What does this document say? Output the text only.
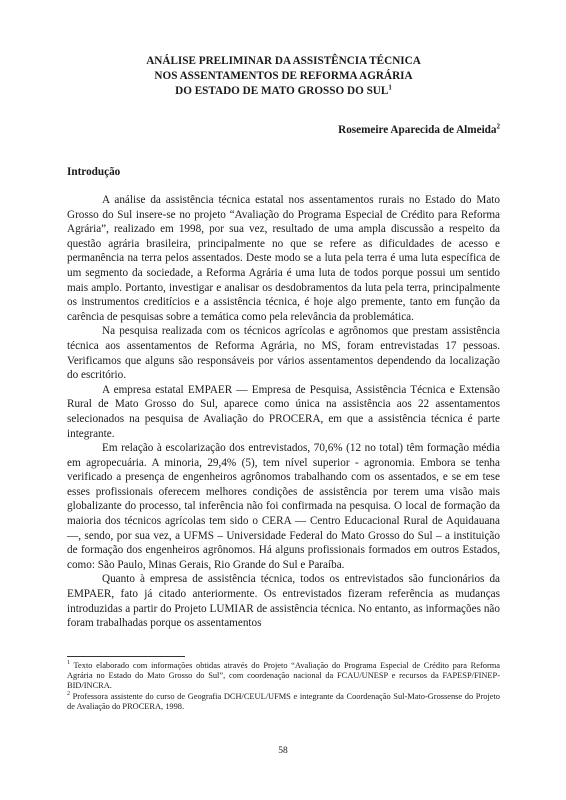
ANÁLISE PRELIMINAR DA ASSISTÊNCIA TÉCNICA
NOS ASSENTAMENTOS DE REFORMA AGRÁRIA
DO ESTADO DE MATO GROSSO DO SUL$^1$
Rosemeire Aparecida de Almeida$^2$
Introdução

A análise da assistência técnica estatal nos assentamentos rurais no Estado do Mato Grosso do Sul insere-se no projeto “Avaliação do Programa Especial de Crédito para Reforma Agrária”, realizado em 1998, por sua vez, resultado de uma ampla discussão a respeito da questão agrária brasileira, principalmente no que se refere as dificuldades de acesso e permanência na terra pelos assentados. Deste modo se a luta pela terra é uma luta específica de um segmento da sociedade, a Reforma Agrária é uma luta de todos porque possui um sentido mais amplo. Portanto, investigar e analisar os desdobramentos da luta pela terra, principalmente os instrumentos creditícios e a assistência técnica, é hoje algo premente, tanto em função da carência de pesquisas sobre a temática como pela relevância da problemática.

Na pesquisa realizada com os técnicos agrícolas e agrônomos que prestam assistência técnica aos assentamentos de Reforma Agrária, no MS, foram entrevistadas 17 pessoas. Verificamos que alguns são responsáveis por vários assentamentos dependendo da localização do escritório.

A empresa estatal EMPAER — Empresa de Pesquisa, Assistência Técnica e Extensão Rural de Mato Grosso do Sul, aparece como única na assistência aos 22 assentamentos selecionados na pesquisa de Avaliação do PROCERA, em que a assistência técnica é parte integrante.

Em relação à escolarização dos entrevistados, 70,6% (12 no total) têm formação média em agropecuária. A minoria, 29,4% (5), tem nível superior - agronomia. Embora se tenha verificado a presença de engenheiros agrônomos trabalhando com os assentados, e se em tese esses profissionais oferecem melhores condições de assistência por terem uma visão mais globalizante do processo, tal inferência não foi confirmada na pesquisa. O local de formação da maioria dos técnicos agrícolas tem sido o CERA — Centro Educacional Rural de Aquidauana —, sendo, por sua vez, a UFMS – Universidade Federal do Mato Grosso do Sul – a instituição de formação dos engenheiros agrônomos. Há alguns profissionais formados em outros Estados, como: São Paulo, Minas Gerais, Rio Grande do Sul e Paraíba.

Quanto à empresa de assistência técnica, todos os entrevistados são funcionários da EMPAER, fato já citado anteriormente. Os entrevistados fizeram referência as mudanças introduzidas a partir do Projeto LUMIAR de assistência técnica. No entanto, as informações não foram trabalhadas porque os assentamentos

$^1$ Texto elaborado com informações obtidas através do Projeto “Avaliação do Programa Especial de Crédito para Reforma Agrária no Estado do Mato Grosso do Sul”, com coordenação nacional da FCAU/UNESP e recursos da FAPESP/FINEP-BID/INCRA.

$^2$ Professora assistente do curso de Geografia DCH/CEUL/UFMS e integrante da Coordenação Sul-Mato-Grossense do Projeto de Avaliação do PROCERA, 1998.

58
